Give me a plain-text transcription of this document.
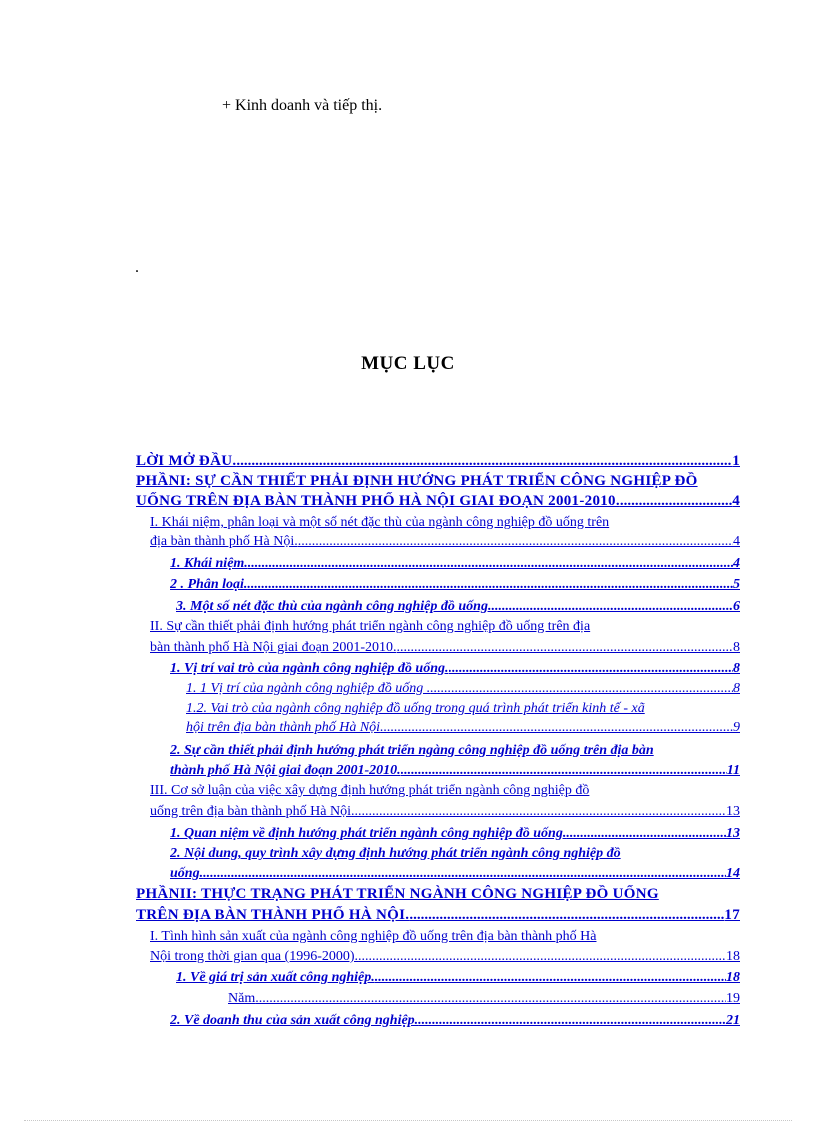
+ Kinh doanh và tiếp thị.
.
MỤC LỤC
LỜI MỞ ĐẦU. .....	1
PHẦNI: SỰ CẦN THIẾT PHẢI ĐỊNH HƯỚNG PHÁT TRIỂN CÔNG NGHIỆP ĐỒ
UỐNG TRÊN ĐỊA BÀN THÀNH PHỐ HÀ NỘI GIAI ĐOẠN 2001-2010. .....	4
I. Khái niệm, phân loại và một số nét đặc thù của ngành công nghiệp đồ uống trên
địa bàn thành phố Hà Nội. .....	4
1. Khái niệm. .....	4
2 . Phân loại. .....	5
3. Một số nét đặc thù của ngành công nghiệp đồ uống .....	6
II. Sự cần thiết phải định hướng phát triển ngành công nghiệp đồ uống trên địa
bàn thành phố Hà Nội giai đoạn 2001-2010. .....	8
1. Vị trí vai trò của ngành công nghiệp đồ uống. .....	8
1. 1 Vị trí của ngành công nghiệp đồ uống . .....	8
1.2. Vai trò của ngành công nghiệp đồ uống trong quá trình phát triển kinh tế - xã
hội trên địa bàn thành phố Hà Nội .....	9
2. Sự cần thiết phải định hướng phát triển ngàng công nghiệp đồ uống trên địa bàn
thành phố Hà Nội giai đoạn 2001-2010. .....	11
III. Cơ sở luận của việc xây dựng định hướng phát triển ngành công nghiệp đồ
uống trên địa bàn thành phố Hà Nội .....	13
1. Quan niệm về định hướng phát triển ngành công nghiệp đồ uống. .....	13
2. Nội dung, quy trình xây dựng định hướng phát triển ngành công nghiệp đồ
uống. .....	14
PHẦNII: THỰC TRẠNG PHÁT TRIỂN NGÀNH CÔNG NGHIỆP ĐỒ UỐNG
TRÊN ĐỊA BÀN THÀNH PHỐ HÀ NỘI. .....	17
I. Tình hình sản xuất của ngành công nghiệp đồ uống trên địa bàn thành phố Hà
Nội trong thời gian qua (1996-2000). .....	18
1. Về giá trị sản xuất công nghiệp. .....	18
Năm .....	19
2. Về doanh thu của sản xuất công nghiệp. .....	21
